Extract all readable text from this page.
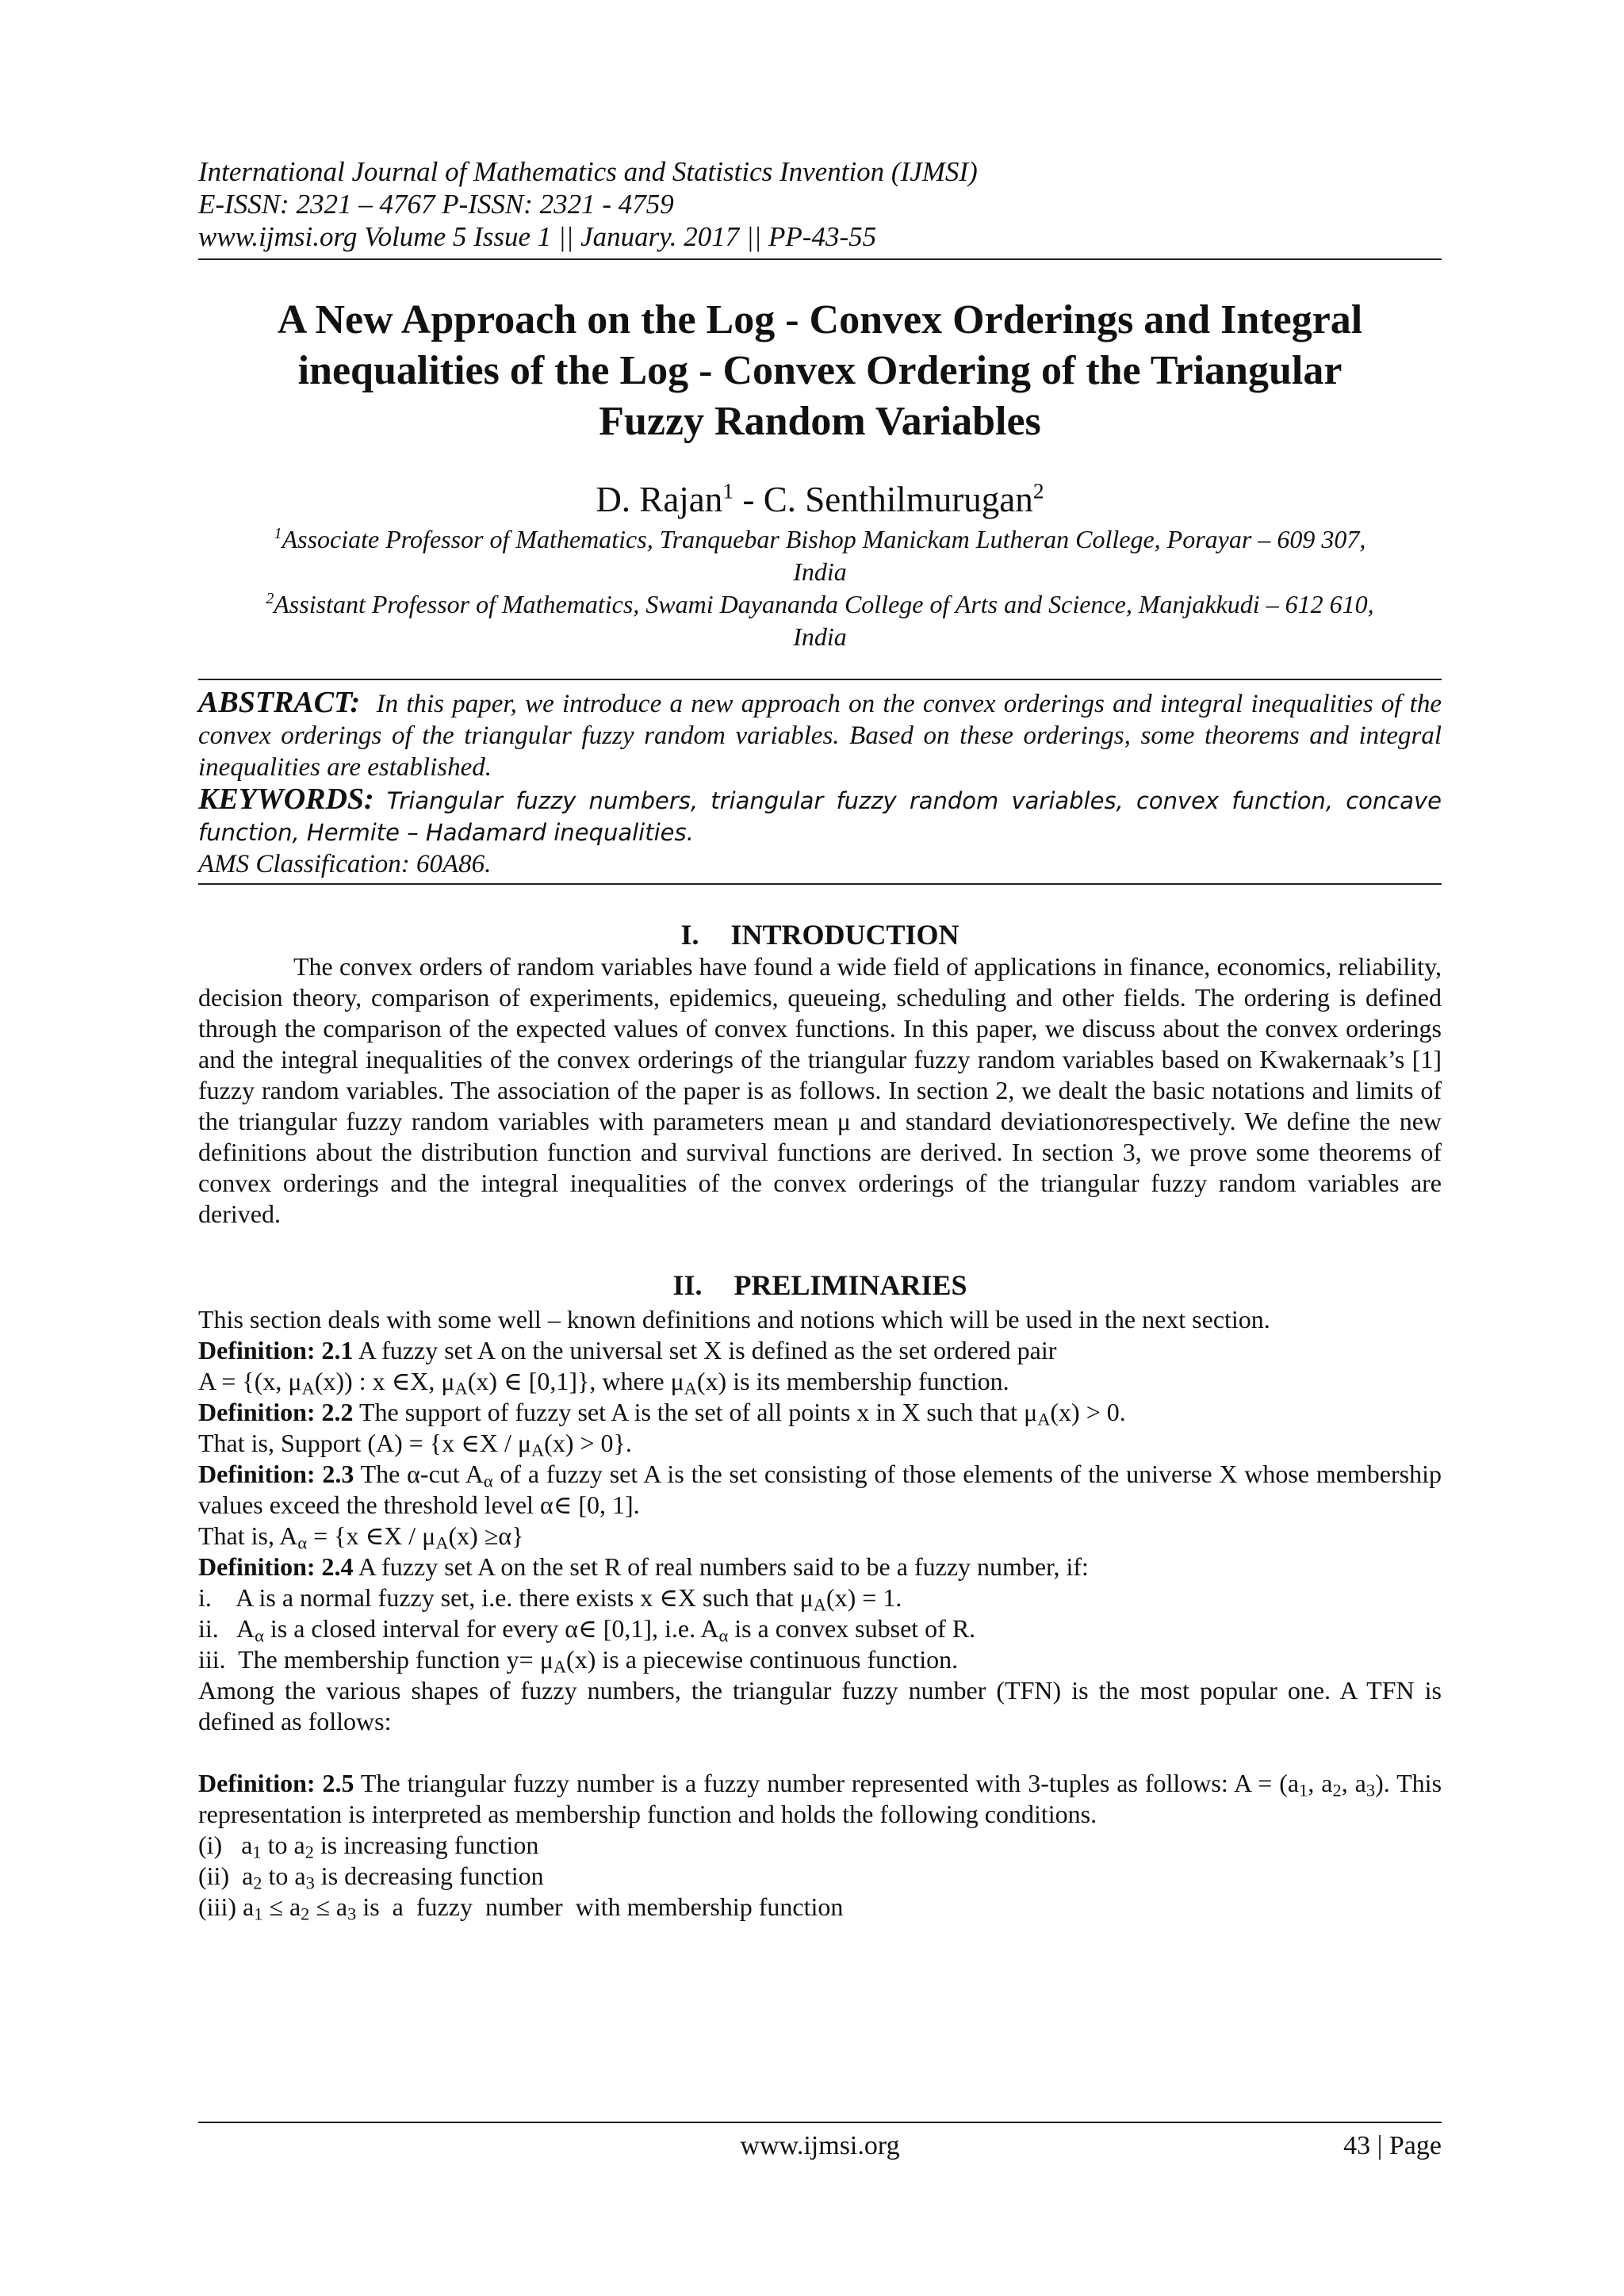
International Journal of Mathematics and Statistics Invention (IJMSI)
E-ISSN: 2321 – 4767 P-ISSN: 2321 - 4759
www.ijmsi.org Volume 5 Issue 1 || January. 2017 || PP-43-55
A New Approach on the Log - Convex Orderings and Integral
inequalities of the Log - Convex Ordering of the Triangular
Fuzzy Random Variables
D. Rajan$^1$ - C. Senthilmurugan$^2$
$^1$Associate Professor of Mathematics, Tranquebar Bishop Manickam Lutheran College, Porayar – 609 307,
India
$^2$Assistant Professor of Mathematics, Swami Dayananda College of Arts and Science, Manjakkudi – 612 610,
India

ABSTRACT: In this paper, we introduce a new approach on the convex orderings and integral inequalities of the convex orderings of the triangular fuzzy random variables. Based on these orderings, some theorems and integral inequalities are established.

KEYWORDS: Triangular fuzzy numbers, triangular fuzzy random variables, convex function, concave function, Hermite – Hadamard inequalities.

AMS Classification: 60A86.

I. INTRODUCTION

The convex orders of random variables have found a wide field of applications in finance, economics, reliability, decision theory, comparison of experiments, epidemics, queueing, scheduling and other fields. The ordering is defined through the comparison of the expected values of convex functions. In this paper, we discuss about the convex orderings and the integral inequalities of the convex orderings of the triangular fuzzy random variables based on Kwakernaak’s [1] fuzzy random variables. The association of the paper is as follows. In section 2, we dealt the basic notations and limits of the triangular fuzzy random variables with parameters mean μ and standard deviationσrespectively. We define the new definitions about the distribution function and survival functions are derived. In section 3, we prove some theorems of convex orderings and the integral inequalities of the convex orderings of the triangular fuzzy random variables are derived.

II. PRELIMINARIES

This section deals with some well – known definitions and notions which will be used in the next section.

Definition: 2.1 A fuzzy set A on the universal set X is defined as the set ordered pair

A = {(x, $\mu_A(x)$) : x ∈X, $\mu_A(x)$ ∈ [0,1]}, where $\mu_A(x)$ is its membership function.

Definition: 2.2 The support of fuzzy set A is the set of all points x in X such that $\mu_A(x) > 0$.

That is, Support (A) = {x ∈X / $\mu_A(x) > 0$}.

Definition: 2.3 The α-cut $A_\alpha$ of a fuzzy set A is the set consisting of those elements of the universe X whose membership values exceed the threshold level α∈ [0, 1].

That is, $A_\alpha = \{x$ ∈X / $\mu_A(x) \ge\alpha$}

Definition: 2.4 A fuzzy set A on the set R of real numbers said to be a fuzzy number, if:

i.    A is a normal fuzzy set, i.e. there exists x ∈X such that $\mu_A(x) = 1$.

ii.   $A_\alpha$ is a closed interval for every α∈ [0,1], i.e. $A_\alpha$ is a convex subset of R.

iii.  The membership function $y= \mu_A(x)$ is a piecewise continuous function.

Among the various shapes of fuzzy numbers, the triangular fuzzy number (TFN) is the most popular one. A TFN is defined as follows:

Definition: 2.5 The triangular fuzzy number is a fuzzy number represented with 3-tuples as follows: $A = (a_1$, $a_2$, $a_3$). This representation is interpreted as membership function and holds the following conditions.

(i)   $a_1$ to $a_2$ is increasing function

(ii)  $a_2$ to $a_3$ is decreasing function

(iii) $a_1 \le a_2 \le a_3$ is  a  fuzzy  number  with membership function

www.ijmsi.org	43 | Page
